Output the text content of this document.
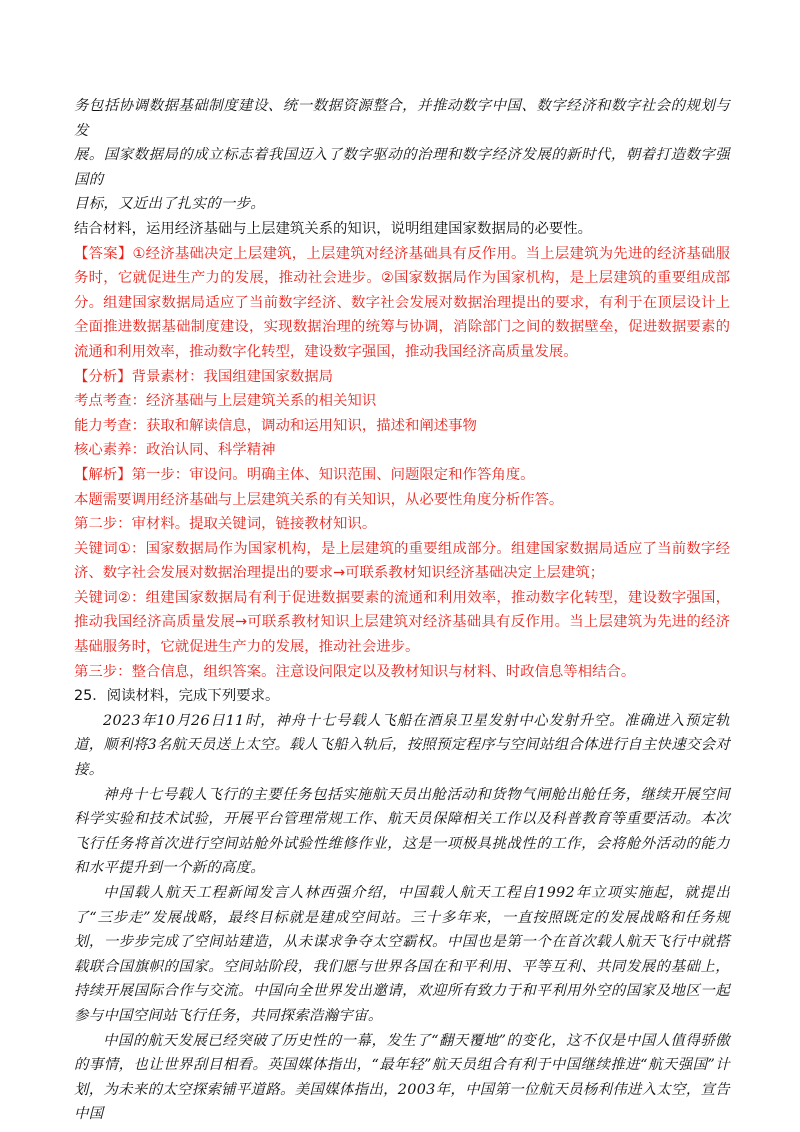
务包括协调数据基础制度建设、统一数据资源整合，并推动数字中国、数字经济和数字社会的规划与发
展。国家数据局的成立标志着我国迈入了数字驱动的治理和数字经济发展的新时代，朝着打造数字强国的
目标，又近出了扎实的一步。

结合材料，运用经济基础与上层建筑关系的知识，说明组建国家数据局的必要性。

【答案】①经济基础决定上层建筑，上层建筑对经济基础具有反作用。当上层建筑为先进的经济基础服务时，它就促进生产力的发展，推动社会进步。②国家数据局作为国家机构，是上层建筑的重要组成部分。组建国家数据局适应了当前数字经济、数字社会发展对数据治理提出的要求，有利于在顶层设计上全面推进数据基础制度建设，实现数据治理的统筹与协调，消除部门之间的数据壁垒，促进数据要素的流通和利用效率，推动数字化转型，建设数字强国，推动我国经济高质量发展。

【分析】背景素材：我国组建国家数据局

考点考查：经济基础与上层建筑关系的相关知识

能力考查：获取和解读信息，调动和运用知识，描述和阐述事物

核心素养：政治认同、科学精神

【解析】第一步：审设问。明确主体、知识范围、问题限定和作答角度。

本题需要调用经济基础与上层建筑关系的有关知识，从必要性角度分析作答。

第二步：审材料。提取关键词，链接教材知识。

关键词①：国家数据局作为国家机构，是上层建筑的重要组成部分。组建国家数据局适应了当前数字经济、数字社会发展对数据治理提出的要求→可联系教材知识经济基础决定上层建筑；

关键词②：组建国家数据局有利于促进数据要素的流通和利用效率，推动数字化转型，建设数字强国，推动我国经济高质量发展→可联系教材知识上层建筑对经济基础具有反作用。当上层建筑为先进的经济基础服务时，它就促进生产力的发展，推动社会进步。

第三步：整合信息，组织答案。注意设问限定以及教材知识与材料、时政信息等相结合。

25．阅读材料，完成下列要求。

2023年10月26日11时，神舟十七号载人飞船在酒泉卫星发射中心发射升空。准确进入预定轨道，顺利将3名航天员送上太空。载人飞船入轨后，按照预定程序与空间站组合体进行自主快速交会对接。

神舟十七号载人飞行的主要任务包括实施航天员出舱活动和货物气闸舱出舱任务，继续开展空间科学实验和技术试验，开展平台管理常规工作、航天员保障相关工作以及科普教育等重要活动。本次飞行任务将首次进行空间站舱外试验性维修作业，这是一项极具挑战性的工作，会将舱外活动的能力和水平提升到一个新的高度。

中国载人航天工程新闻发言人林西强介绍，中国载人航天工程自1992年立项实施起，就提出了“三步走”发展战略，最终目标就是建成空间站。三十多年来，一直按照既定的发展战略和任务规划，一步步完成了空间站建造，从未谋求争夺太空霸权。中国也是第一个在首次载人航天飞行中就搭载联合国旗帜的国家。空间站阶段，我们愿与世界各国在和平利用、平等互利、共同发展的基础上，持续开展国际合作与交流。中国向全世界发出邀请，欢迎所有致力于和平利用外空的国家及地区一起参与中国空间站飞行任务，共同探索浩瀚宇宙。

中国的航天发展已经突破了历史性的一幕，发生了“翻天覆地”的变化，这不仅是中国人值得骄傲的事情，也让世界刮目相看。英国媒体指出，“最年轻”航天员组合有利于中国继续推进“航天强国”计划，为未来的太空探索铺平道路。美国媒体指出，2003年，中国第一位航天员杨利伟进入太空，宣告中国
